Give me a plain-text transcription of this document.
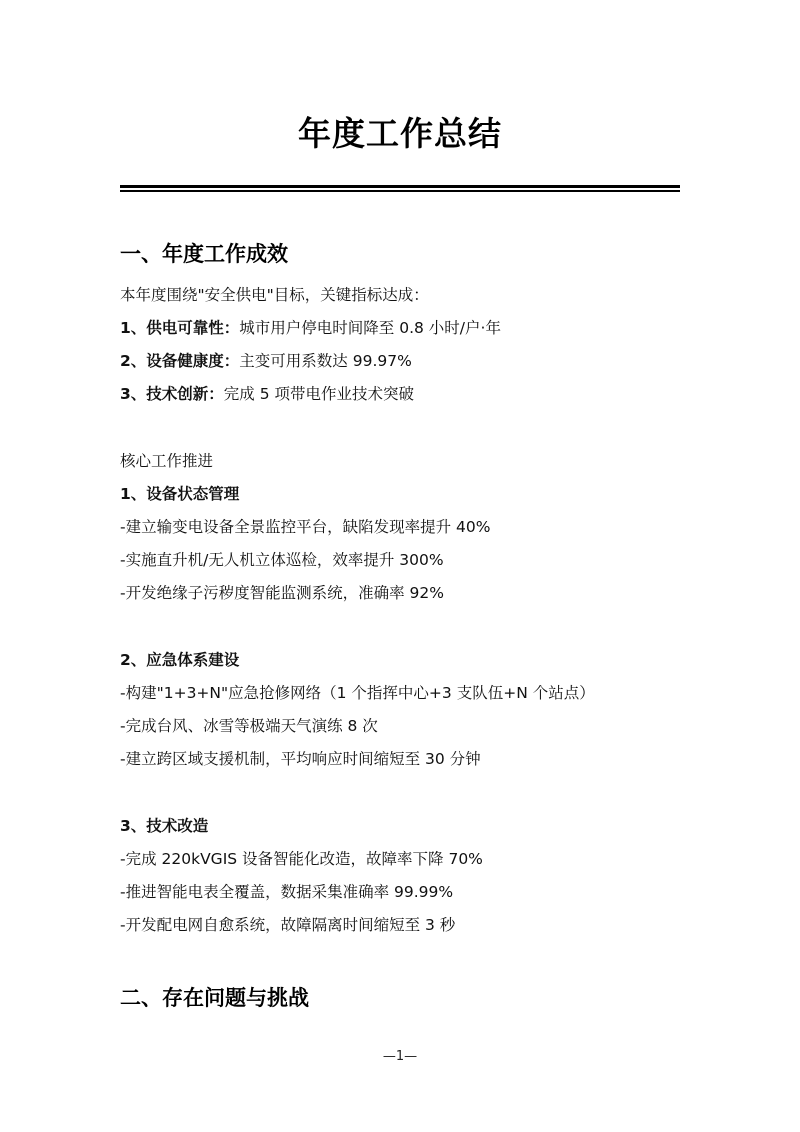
年度工作总结
一、年度工作成效

本年度围绕"安全供电"目标，关键指标达成：

1、供电可靠性：城市用户停电时间降至 0.8 小时/户·年

2、设备健康度：主变可用系数达 99.97%

3、技术创新：完成 5 项带电作业技术突破

核心工作推进

1、设备状态管理

-建立输变电设备全景监控平台，缺陷发现率提升 40%

-实施直升机/无人机立体巡检，效率提升 300%

-开发绝缘子污秽度智能监测系统，准确率 92%

2、应急体系建设

-构建"1+3+N"应急抢修网络（1 个指挥中心+3 支队伍+N 个站点）

-完成台风、冰雪等极端天气演练 8 次

-建立跨区域支援机制，平均响应时间缩短至 30 分钟

3、技术改造

-完成 220kVGIS 设备智能化改造，故障率下降 70%

-推进智能电表全覆盖，数据采集准确率 99.99%

-开发配电网自愈系统，故障隔离时间缩短至 3 秒

二、存在问题与挑战
—1—
